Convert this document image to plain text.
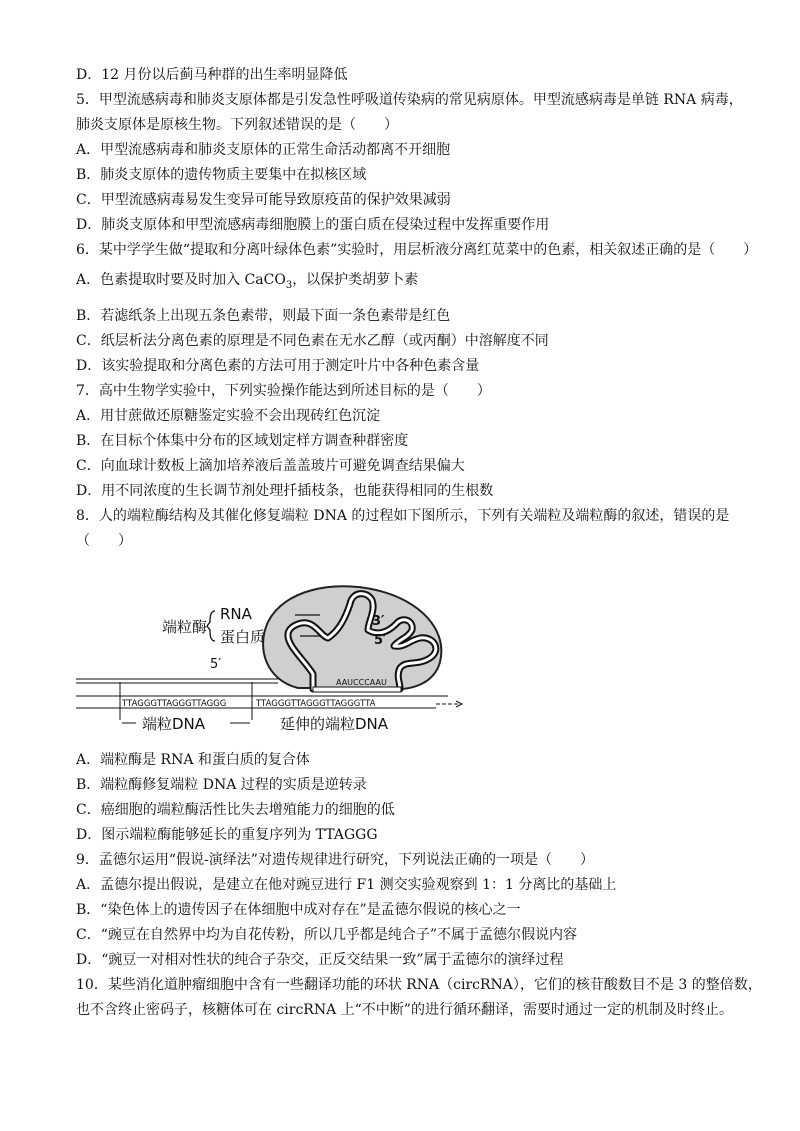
D．12 月份以后蓟马种群的出生率明显降低
5．甲型流感病毒和肺炎支原体都是引发急性呼吸道传染病的常见病原体。甲型流感病毒是单链 RNA 病毒，
肺炎支原体是原核生物。下列叙述错误的是（　　）
A．甲型流感病毒和肺炎支原体的正常生命活动都离不开细胞
B．肺炎支原体的遗传物质主要集中在拟核区域
C．甲型流感病毒易发生变异可能导致原疫苗的保护效果减弱
D．肺炎支原体和甲型流感病毒细胞膜上的蛋白质在侵染过程中发挥重要作用
6．某中学学生做“提取和分离叶绿体色素”实验时，用层析液分离红苋菜中的色素，相关叙述正确的是（　　）
A．色素提取时要及时加入 CaCO$_3$，以保护类胡萝卜素
B．若滤纸条上出现五条色素带，则最下面一条色素带是红色
C．纸层析法分离色素的原理是不同色素在无水乙醇（或丙酮）中溶解度不同
D．该实验提取和分离色素的方法可用于测定叶片中各种色素含量
7．高中生物学实验中，下列实验操作能达到所述目标的是（　　）
A．用甘蔗做还原糖鉴定实验不会出现砖红色沉淀
B．在目标个体集中分布的区域划定样方调查种群密度
C．向血球计数板上滴加培养液后盖盖玻片可避免调查结果偏大
D．用不同浓度的生长调节剂处理扦插枝条，也能获得相同的生根数
8．人的端粒酶结构及其催化修复端粒 DNA 的过程如下图所示，下列有关端粒及端粒酶的叙述，错误的是
（　　）
3′
5′
端粒酶
RNA
蛋白质
5′
AAUCCCAAU
TTAGGGTTAGGGTTAGGG	TTAGGGTTAGGGTTAGGGTTA
端粒DNA	延伸的端粒DNA
A．端粒酶是 RNA 和蛋白质的复合体
B．端粒酶修复端粒 DNA 过程的实质是逆转录
C．癌细胞的端粒酶活性比失去增殖能力的细胞的低
D．图示端粒酶能够延长的重复序列为 TTAGGG
9．孟德尔运用“假说-演绎法”对遗传规律进行研究，下列说法正确的一项是（　　）
A．孟德尔提出假说，是建立在他对豌豆进行 F1 测交实验观察到 1：1 分离比的基础上
B．“染色体上的遗传因子在体细胞中成对存在”是孟德尔假说的核心之一
C．“豌豆在自然界中均为自花传粉，所以几乎都是纯合子”不属于孟德尔假说内容
D．“豌豆一对相对性状的纯合子杂交，正反交结果一致”属于孟德尔的演绎过程
10．某些消化道肿瘤细胞中含有一些翻译功能的环状 RNA（circRNA），它们的核苷酸数目不是 3 的整倍数，
也不含终止密码子，核糖体可在 circRNA 上“不中断”的进行循环翻译，需要时通过一定的机制及时终止。
